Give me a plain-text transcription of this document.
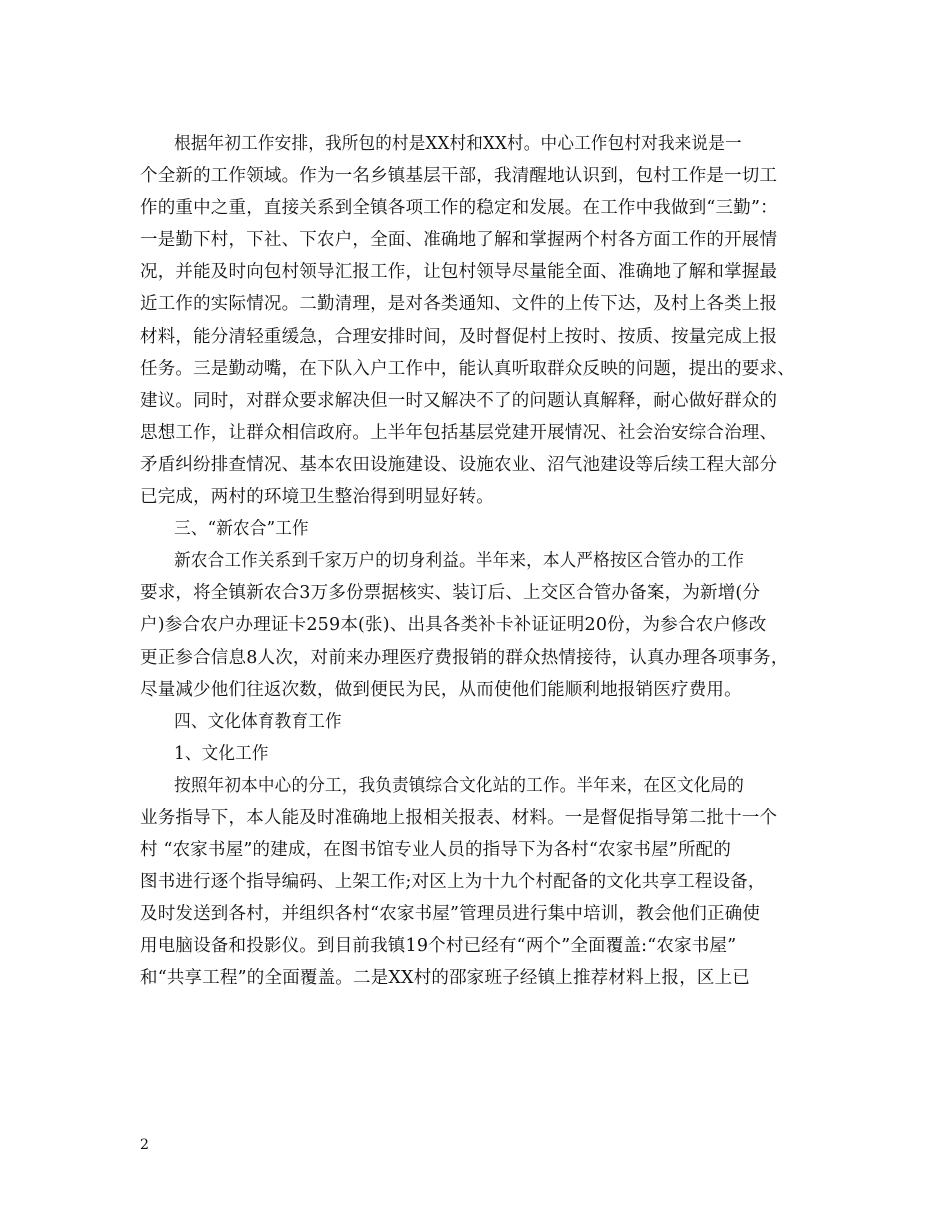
根据年初工作安排，我所包的村是XX村和XX村。中心工作包村对我来说是一
个全新的工作领域。作为一名乡镇基层干部，我清醒地认识到，包村工作是一切工
作的重中之重，直接关系到全镇各项工作的稳定和发展。在工作中我做到“三勤”：
一是勤下村，下社、下农户，全面、准确地了解和掌握两个村各方面工作的开展情
况，并能及时向包村领导汇报工作，让包村领导尽量能全面、准确地了解和掌握最
近工作的实际情况。二勤清理，是对各类通知、文件的上传下达，及村上各类上报
材料，能分清轻重缓急，合理安排时间，及时督促村上按时、按质、按量完成上报
任务。三是勤动嘴，在下队入户工作中，能认真听取群众反映的问题，提出的要求、
建议。同时，对群众要求解决但一时又解决不了的问题认真解释，耐心做好群众的
思想工作，让群众相信政府。上半年包括基层党建开展情况、社会治安综合治理、
矛盾纠纷排查情况、基本农田设施建设、设施农业、沼气池建设等后续工程大部分
已完成，两村的环境卫生整治得到明显好转。
三、“新农合”工作
新农合工作关系到千家万户的切身利益。半年来，本人严格按区合管办的工作
要求，将全镇新农合3万多份票据核实、装订后、上交区合管办备案，为新增(分
户)参合农户办理证卡259本(张)、出具各类补卡补证证明20份，为参合农户修改
更正参合信息8人次，对前来办理医疗费报销的群众热情接待，认真办理各项事务，
尽量减少他们往返次数，做到便民为民，从而使他们能顺利地报销医疗费用。
四、文化体育教育工作
1、文化工作
按照年初本中心的分工，我负责镇综合文化站的工作。半年来，在区文化局的
业务指导下，本人能及时准确地上报相关报表、材料。一是督促指导第二批十一个
村 “农家书屋”的建成，在图书馆专业人员的指导下为各村“农家书屋”所配的
图书进行逐个指导编码、上架工作;对区上为十九个村配备的文化共享工程设备，
及时发送到各村，并组织各村“农家书屋”管理员进行集中培训，教会他们正确使
用电脑设备和投影仪。到目前我镇19个村已经有“两个”全面覆盖:“农家书屋”
和“共享工程”的全面覆盖。二是XX村的邵家班子经镇上推荐材料上报，区上已
2
